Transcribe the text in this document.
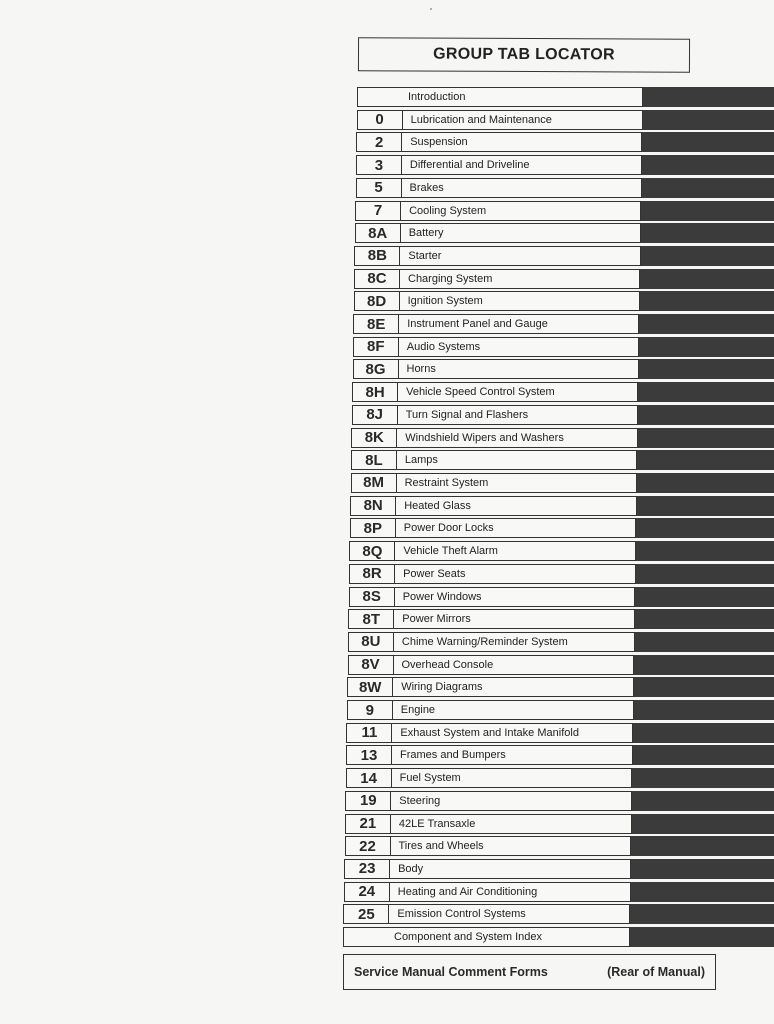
GROUP TAB LOCATOR
Introduction
0	Lubrication and Maintenance
2	Suspension
3	Differential and Driveline
5	Brakes
7	Cooling System
8A	Battery
8B	Starter
8C	Charging System
8D	Ignition System
8E	Instrument Panel and Gauge
8F	Audio Systems
8G	Horns
8H	Vehicle Speed Control System
8J	Turn Signal and Flashers
8K	Windshield Wipers and Washers
8L	Lamps
8M	Restraint System
8N	Heated Glass
8P	Power Door Locks
8Q	Vehicle Theft Alarm
8R	Power Seats
8S	Power Windows
8T	Power Mirrors
8U	Chime Warning/Reminder System
8V	Overhead Console
8W	Wiring Diagrams
9	Engine
11	Exhaust System and Intake Manifold
13	Frames and Bumpers
14	Fuel System
19	Steering
21	42LE Transaxle
22	Tires and Wheels
23	Body
24	Heating and Air Conditioning
25	Emission Control Systems
Component and System Index
Service Manual Comment Forms	(Rear of Manual)
